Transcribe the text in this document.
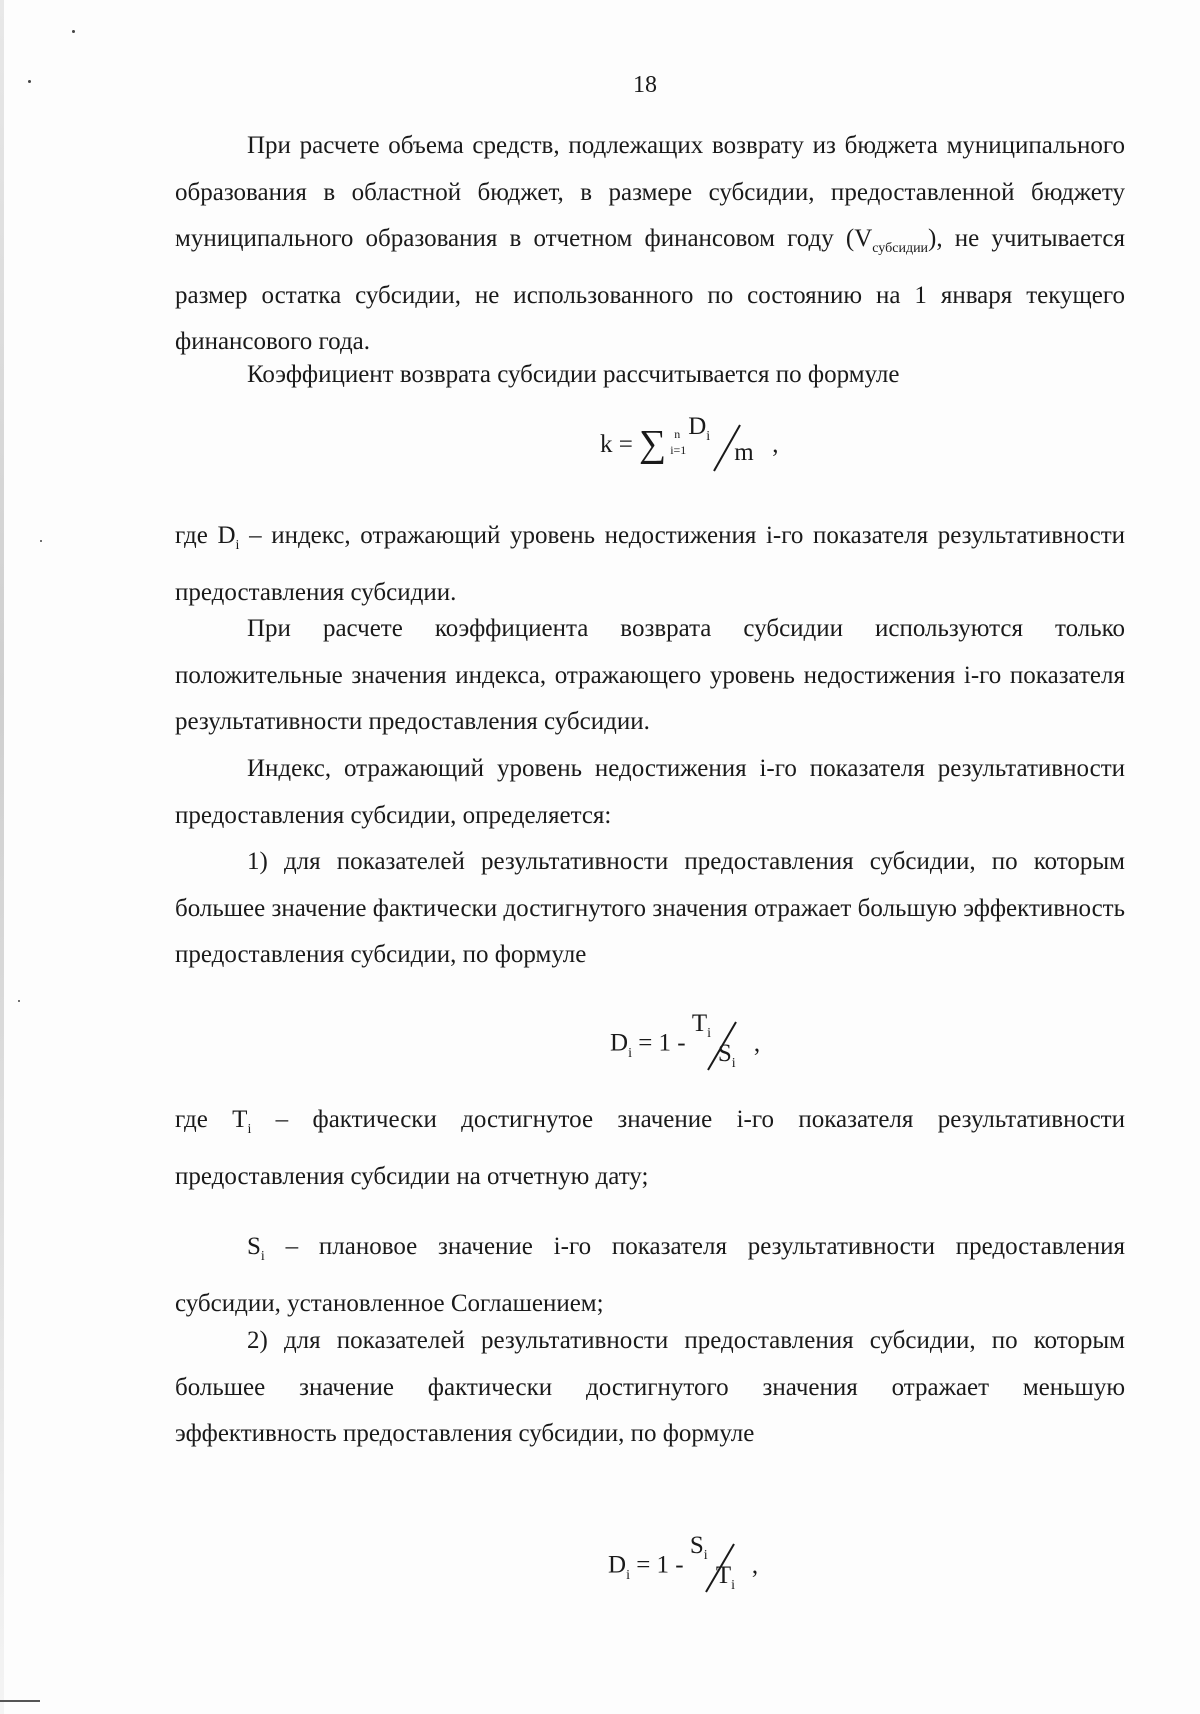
18

При расчете объема средств, подлежащих возврату из бюджета муниципального образования в областной бюджет, в размере субсидии, предоставленной бюджету муниципального образования в отчетном финансовом году $(V_{субсидии})$, не учитывается размер остатка субсидии, не использованного по состоянию на 1 января текущего финансового года.

Коэффициент возврата субсидии рассчитывается по формуле

k = ∑ n
i=1
$D_i$
m ,

где $D_i$ – индекс, отражающий уровень недостижения i-го показателя результативности предоставления субсидии.

При расчете коэффициента возврата субсидии используются только положительные значения индекса, отражающего уровень недостижения i-го показателя результативности предоставления субсидии.

Индекс, отражающий уровень недостижения i-го показателя результативности предоставления субсидии, определяется:

1) для показателей результативности предоставления субсидии, по которым большее значение фактически достигнутого значения отражает большую эффективность предоставления субсидии, по формуле

$D_i = 1$ -
$T_i$
$S_i$
,

где $T_i$ – фактически достигнутое значение i-го показателя результативности предоставления субсидии на отчетную дату;

$S_i$ – плановое значение i-го показателя результативности предоставления субсидии, установленное Соглашением;

2) для показателей результативности предоставления субсидии, по которым большее значение фактически достигнутого значения отражает меньшую эффективность предоставления субсидии, по формуле

$D_i = 1$ -
$S_i$
$T_i$
,
